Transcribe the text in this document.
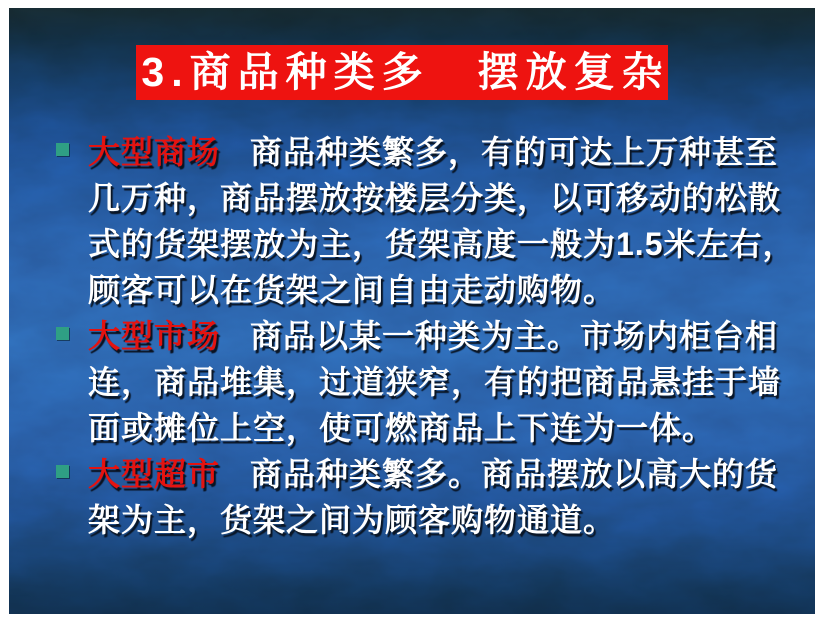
3.商品种类多　摆放复杂
大型商场 商品种类繁多，有的可达上万种甚至几万种，商品摆放按楼层分类，以可移动的松散式的货架摆放为主，货架高度一般为1.5米左右，顾客可以在货架之间自由走动购物。
大型市场 商品以某一种类为主。市场内柜台相连，商品堆集，过道狭窄，有的把商品悬挂于墙面或摊位上空，使可燃商品上下连为一体。
大型超市 商品种类繁多。商品摆放以高大的货架为主，货架之间为顾客购物通道。
